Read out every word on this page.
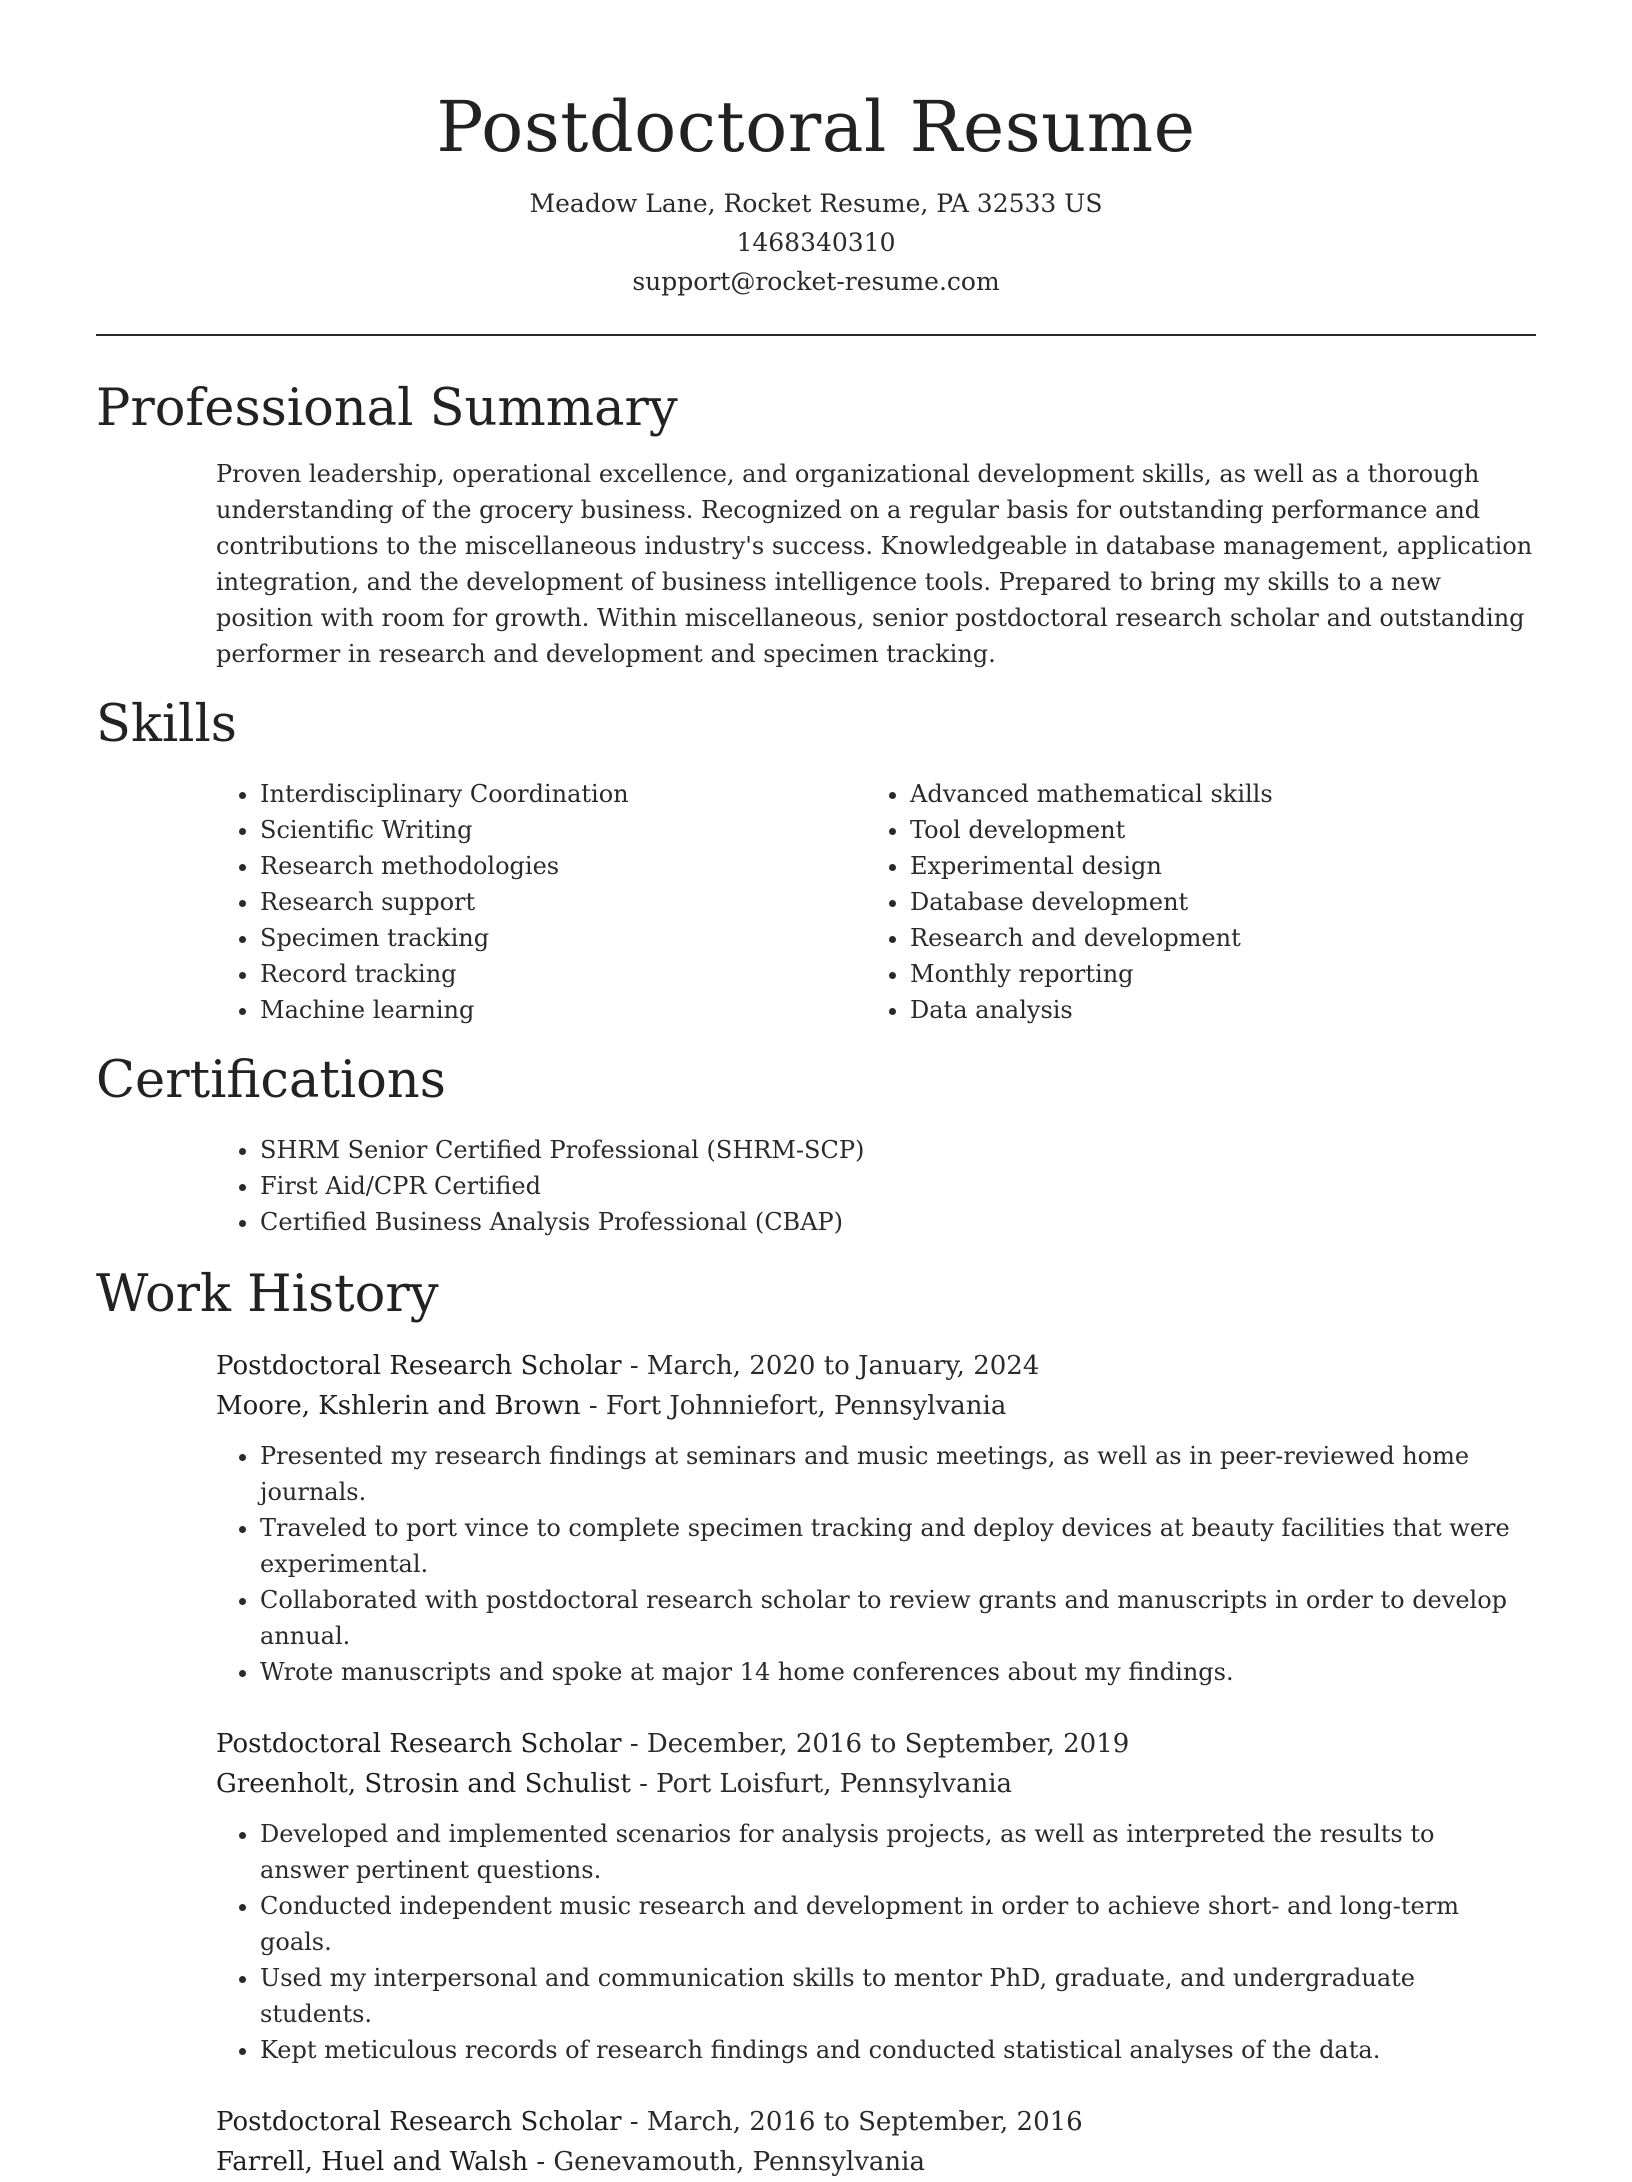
Postdoctoral Resume
Meadow Lane, Rocket Resume, PA 32533 US
1468340310
support@rocket-resume.com
Professional Summary

Proven leadership, operational excellence, and organizational development skills, as well as a thorough understanding of the grocery business. Recognized on a regular basis for outstanding performance and contributions to the miscellaneous industry's success. Knowledgeable in database management, application integration, and the development of business intelligence tools. Prepared to bring my skills to a new position with room for growth. Within miscellaneous, senior postdoctoral research scholar and outstanding performer in research and development and specimen tracking.

Skills
• Interdisciplinary Coordination
• Scientific Writing
• Research methodologies
• Research support
• Specimen tracking
• Record tracking
• Machine learning
• Advanced mathematical skills
• Tool development
• Experimental design
• Database development
• Research and development
• Monthly reporting
• Data analysis
Certifications
• SHRM Senior Certified Professional (SHRM-SCP)
• First Aid/CPR Certified
• Certified Business Analysis Professional (CBAP)
Work History
Postdoctoral Research Scholar - March, 2020 to January, 2024
Moore, Kshlerin and Brown - Fort Johnniefort, Pennsylvania
• Presented my research findings at seminars and music meetings, as well as in peer-reviewed home journals.
• Traveled to port vince to complete specimen tracking and deploy devices at beauty facilities that were experimental.
• Collaborated with postdoctoral research scholar to review grants and manuscripts in order to develop annual.
• Wrote manuscripts and spoke at major 14 home conferences about my findings.
Postdoctoral Research Scholar - December, 2016 to September, 2019
Greenholt, Strosin and Schulist - Port Loisfurt, Pennsylvania
• Developed and implemented scenarios for analysis projects, as well as interpreted the results to answer pertinent questions.
• Conducted independent music research and development in order to achieve short- and long-term goals.
• Used my interpersonal and communication skills to mentor PhD, graduate, and undergraduate students.
• Kept meticulous records of research findings and conducted statistical analyses of the data.
Postdoctoral Research Scholar - March, 2016 to September, 2016
Farrell, Huel and Walsh - Genevamouth, Pennsylvania
